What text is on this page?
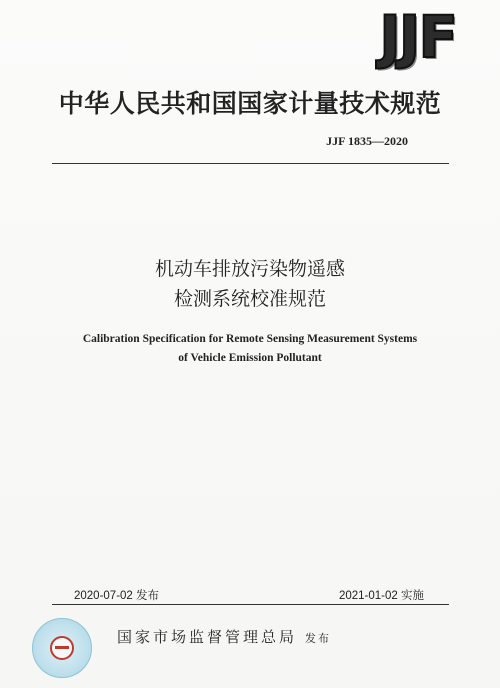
JJF
中华人民共和国国家计量技术规范
JJF 1835—2020
机动车排放污染物遥感
检测系统校准规范
Calibration Specification for Remote Sensing Measurement Systems
of Vehicle Emission Pollutant
2020-07-02 发布	2021-01-02 实施
国家市场监督管理总局 发布
